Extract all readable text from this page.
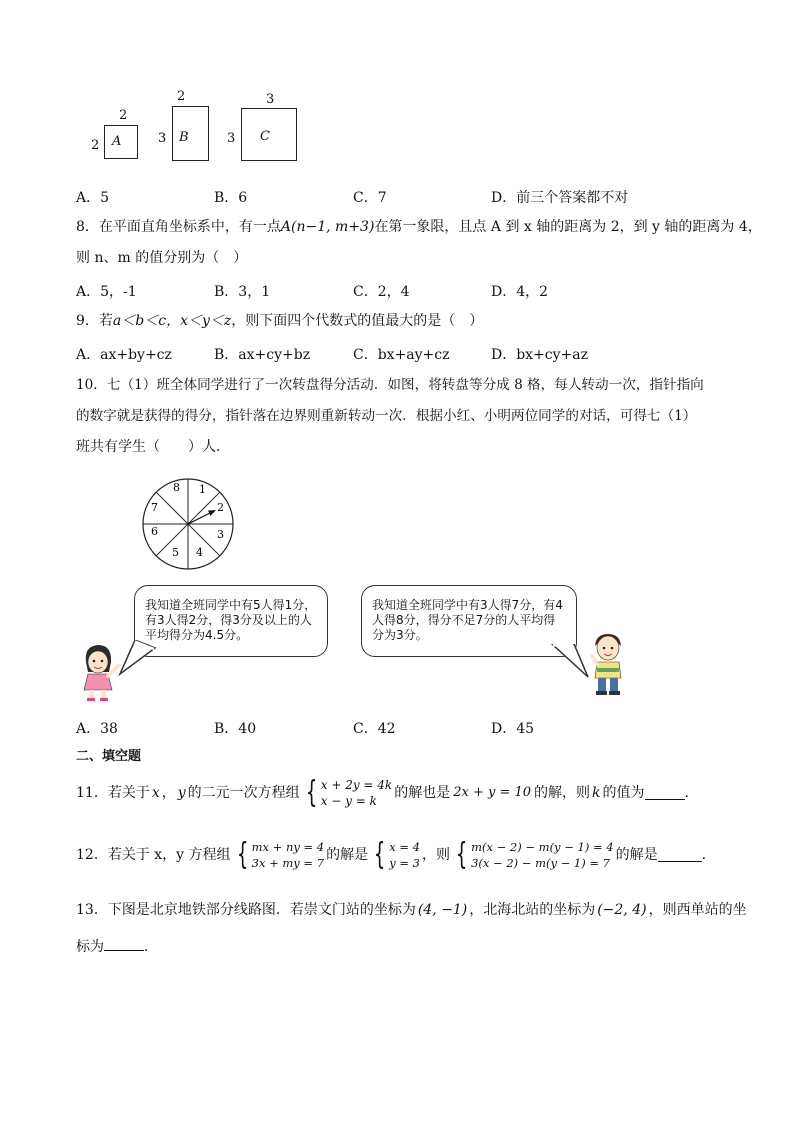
2
2 A
2
3 B
3
3 C
A．5	B．6	C．7	D．前三个答案都不对
8．在平面直角坐标系中，有一点A(n−1, m+3)在第一象限，且点 A 到 x 轴的距离为 2，到 y 轴的距离为 4，
则 n、m 的值分别为（　）
A．5，-1	B．3，1	C．2，4	D．4，2
9．若a＜b＜c，x＜y＜z，则下面四个代数式的值最大的是（　）
A．ax+by+cz	B．ax+cy+bz	C．bx+ay+cz	D．bx+cy+az
10．七（1）班全体同学进行了一次转盘得分活动．如图，将转盘等分成 8 格，每人转动一次，指针指向
的数字就是获得的得分，指针落在边界则重新转动一次．根据小红、小明两位同学的对话，可得七（1）
班共有学生（　　）人．
1
2
3
4
5
6
7
8
我知道全班同学中有5人得1分，有3人得2分，得3分及以上的人平均得分为4.5分。
我知道全班同学中有3人得7分，有4人得8分，得分不足7分的人平均得分为3分。
A．38	B．40	C．42	D．45
二、填空题
11．若关于 x ， y 的二元一次方程组 { x + 2y = 4k
x − y = k	的解也是 2x + y = 10 的解，则 k 的值为	．
12．若关于 x，y 方程组 { mx + ny = 4
3x + my = 7 的解是 { x = 4
y = 3 ，则 { m(x − 2) − m(y − 1) = 4
3(x − 2) − m(y − 1) = 7 的解是	．
13．下图是北京地铁部分线路图．若崇文门站的坐标为 (4, −1) ，北海北站的坐标为 (−2, 4) ，则西单站的坐
标为	．
